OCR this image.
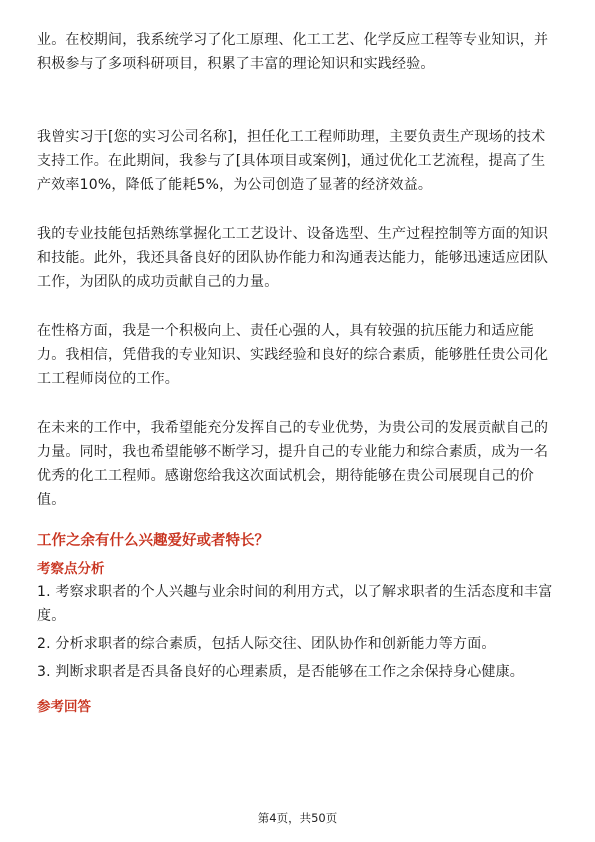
业。在校期间，我系统学习了化工原理、化工工艺、化学反应工程等专业知识，并积极参与了多项科研项目，积累了丰富的理论知识和实践经验。

我曾实习于[您的实习公司名称]，担任化工工程师助理，主要负责生产现场的技术支持工作。在此期间，我参与了[具体项目或案例]，通过优化工艺流程，提高了生产效率10%，降低了能耗5%，为公司创造了显著的经济效益。

我的专业技能包括熟练掌握化工工艺设计、设备选型、生产过程控制等方面的知识和技能。此外，我还具备良好的团队协作能力和沟通表达能力，能够迅速适应团队工作，为团队的成功贡献自己的力量。

在性格方面，我是一个积极向上、责任心强的人，具有较强的抗压能力和适应能力。我相信，凭借我的专业知识、实践经验和良好的综合素质，能够胜任贵公司化工工程师岗位的工作。

在未来的工作中，我希望能充分发挥自己的专业优势，为贵公司的发展贡献自己的力量。同时，我也希望能够不断学习，提升自己的专业能力和综合素质，成为一名优秀的化工工程师。感谢您给我这次面试机会，期待能够在贵公司展现自己的价值。

工作之余有什么兴趣爱好或者特长？

考察点分析

1. 考察求职者的个人兴趣与业余时间的利用方式，以了解求职者的生活态度和丰富度。

2. 分析求职者的综合素质，包括人际交往、团队协作和创新能力等方面。

3. 判断求职者是否具备良好的心理素质，是否能够在工作之余保持身心健康。

参考回答

第4页，共50页
